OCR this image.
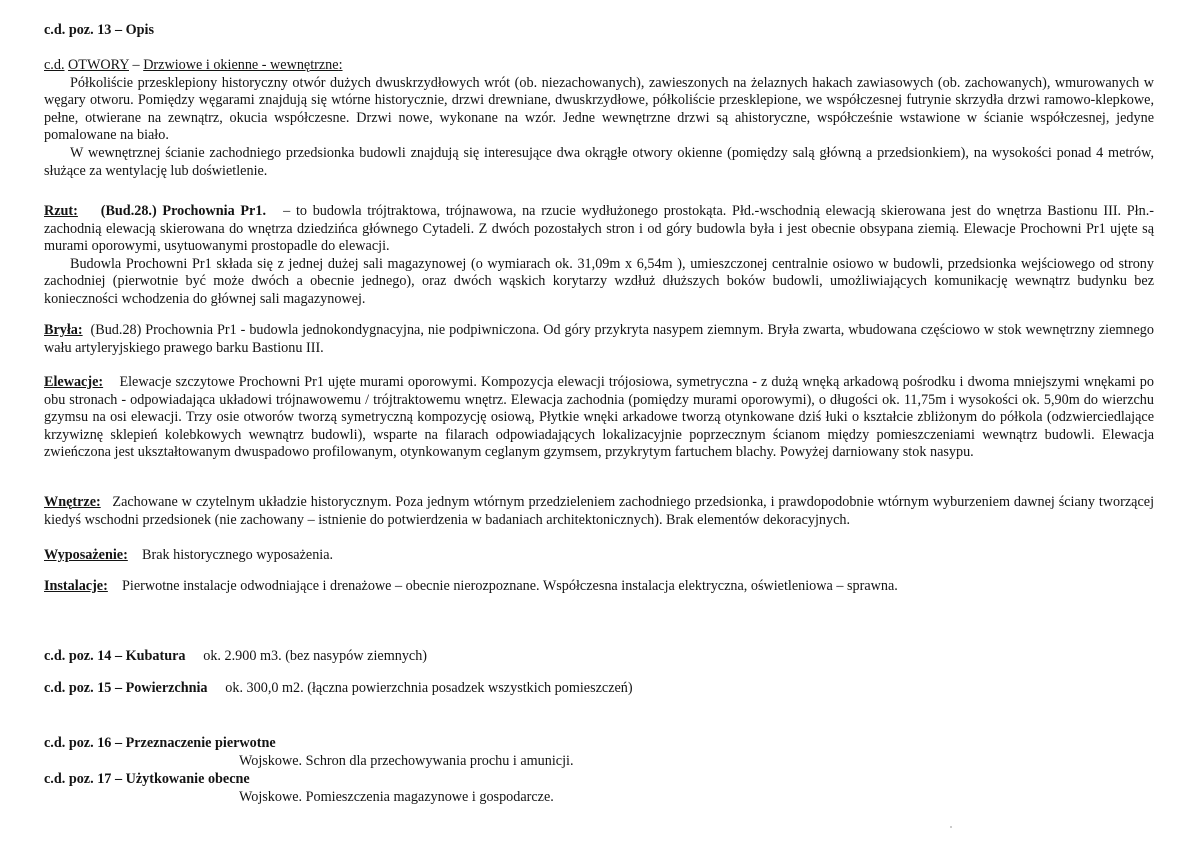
c.d. poz. 13 – Opis

c.d. OTWORY – Drzwiowe i okienne - wewnętrzne:

Półkoliście przesklepiony historyczny otwór dużych dwuskrzydłowych wrót (ob. niezachowanych), zawieszonych na żelaznych hakach zawiasowych (ob. zachowanych), wmurowanych w węgary otworu. Pomiędzy węgarami znajdują się wtórne historycznie, drzwi drewniane, dwuskrzydłowe, półkoliście przesklepione, we współczesnej futrynie skrzydła drzwi ramowo-klepkowe, pełne, otwierane na zewnątrz, okucia współczesne. Drzwi nowe, wykonane na wzór. Jedne wewnętrzne drzwi są ahistoryczne, współcześnie wstawione w ścianie współczesnej, jedyne pomalowane na biało.

W wewnętrznej ścianie zachodniego przedsionka budowli znajdują się interesujące dwa okrągłe otwory okienne (pomiędzy salą główną a przedsionkiem), na wysokości ponad 4 metrów, służące za wentylację lub doświetlenie.

Rzut: (Bud.28.) Prochownia Pr1. – to budowla trójtraktowa, trójnawowa, na rzucie wydłużonego prostokąta. Płd.-wschodnią elewacją skierowana jest do wnętrza Bastionu III. Płn.-zachodnią elewacją skierowana do wnętrza dziedzińca głównego Cytadeli. Z dwóch pozostałych stron i od góry budowla była i jest obecnie obsypana ziemią. Elewacje Prochowni Pr1 ujęte są murami oporowymi, usytuowanymi prostopadle do elewacji.

Budowla Prochowni Pr1 składa się z jednej dużej sali magazynowej (o wymiarach ok. 31,09m x 6,54m ), umieszczonej centralnie osiowo w budowli, przedsionka wejściowego od strony zachodniej (pierwotnie być może dwóch a obecnie jednego), oraz dwóch wąskich korytarzy wzdłuż dłuższych boków budowli, umożliwiających komunikację wewnątrz budynku bez konieczności wchodzenia do głównej sali magazynowej.

Bryła: (Bud.28) Prochownia Pr1 - budowla jednokondygnacyjna, nie podpiwniczona. Od góry przykryta nasypem ziemnym. Bryła zwarta, wbudowana częściowo w stok wewnętrzny ziemnego wału artyleryjskiego prawego barku Bastionu III.

Elewacje: Elewacje szczytowe Prochowni Pr1 ujęte murami oporowymi. Kompozycja elewacji trójosiowa, symetryczna - z dużą wnęką arkadową pośrodku i dwoma mniejszymi wnękami po obu stronach - odpowiadająca układowi trójnawowemu / trójtraktowemu wnętrz. Elewacja zachodnia (pomiędzy murami oporowymi), o długości ok. 11,75m i wysokości ok. 5,90m do wierzchu gzymsu na osi elewacji. Trzy osie otworów tworzą symetryczną kompozycję osiową, Płytkie wnęki arkadowe tworzą otynkowane dziś łuki o kształcie zbliżonym do półkola (odzwierciedlające krzywiznę sklepień kolebkowych wewnątrz budowli), wsparte na filarach odpowiadających lokalizacyjnie poprzecznym ścianom między pomieszczeniami wewnątrz budowli. Elewacja zwieńczona jest ukształtowanym dwuspadowo profilowanym, otynkowanym ceglanym gzymsem, przykrytym fartuchem blachy. Powyżej darniowany stok nasypu.

Wnętrze: Zachowane w czytelnym układzie historycznym. Poza jednym wtórnym przedzieleniem zachodniego przedsionka, i prawdopodobnie wtórnym wyburzeniem dawnej ściany tworzącej kiedyś wschodni przedsionek (nie zachowany – istnienie do potwierdzenia w badaniach architektonicznych). Brak elementów dekoracyjnych.

Wyposażenie: Brak historycznego wyposażenia.

Instalacje: Pierwotne instalacje odwodniające i drenażowe – obecnie nierozpoznane. Współczesna instalacja elektryczna, oświetleniowa – sprawna.

c.d. poz. 14 – Kubatura ok. 2.900 m3. (bez nasypów ziemnych)
c.d. poz. 15 – Powierzchnia ok. 300,0 m2. (łączna powierzchnia posadzek wszystkich pomieszczeń)
c.d. poz. 16 – Przeznaczenie pierwotne
Wojskowe. Schron dla przechowywania prochu i amunicji.
c.d. poz. 17 – Użytkowanie obecne
Wojskowe. Pomieszczenia magazynowe i gospodarcze.
